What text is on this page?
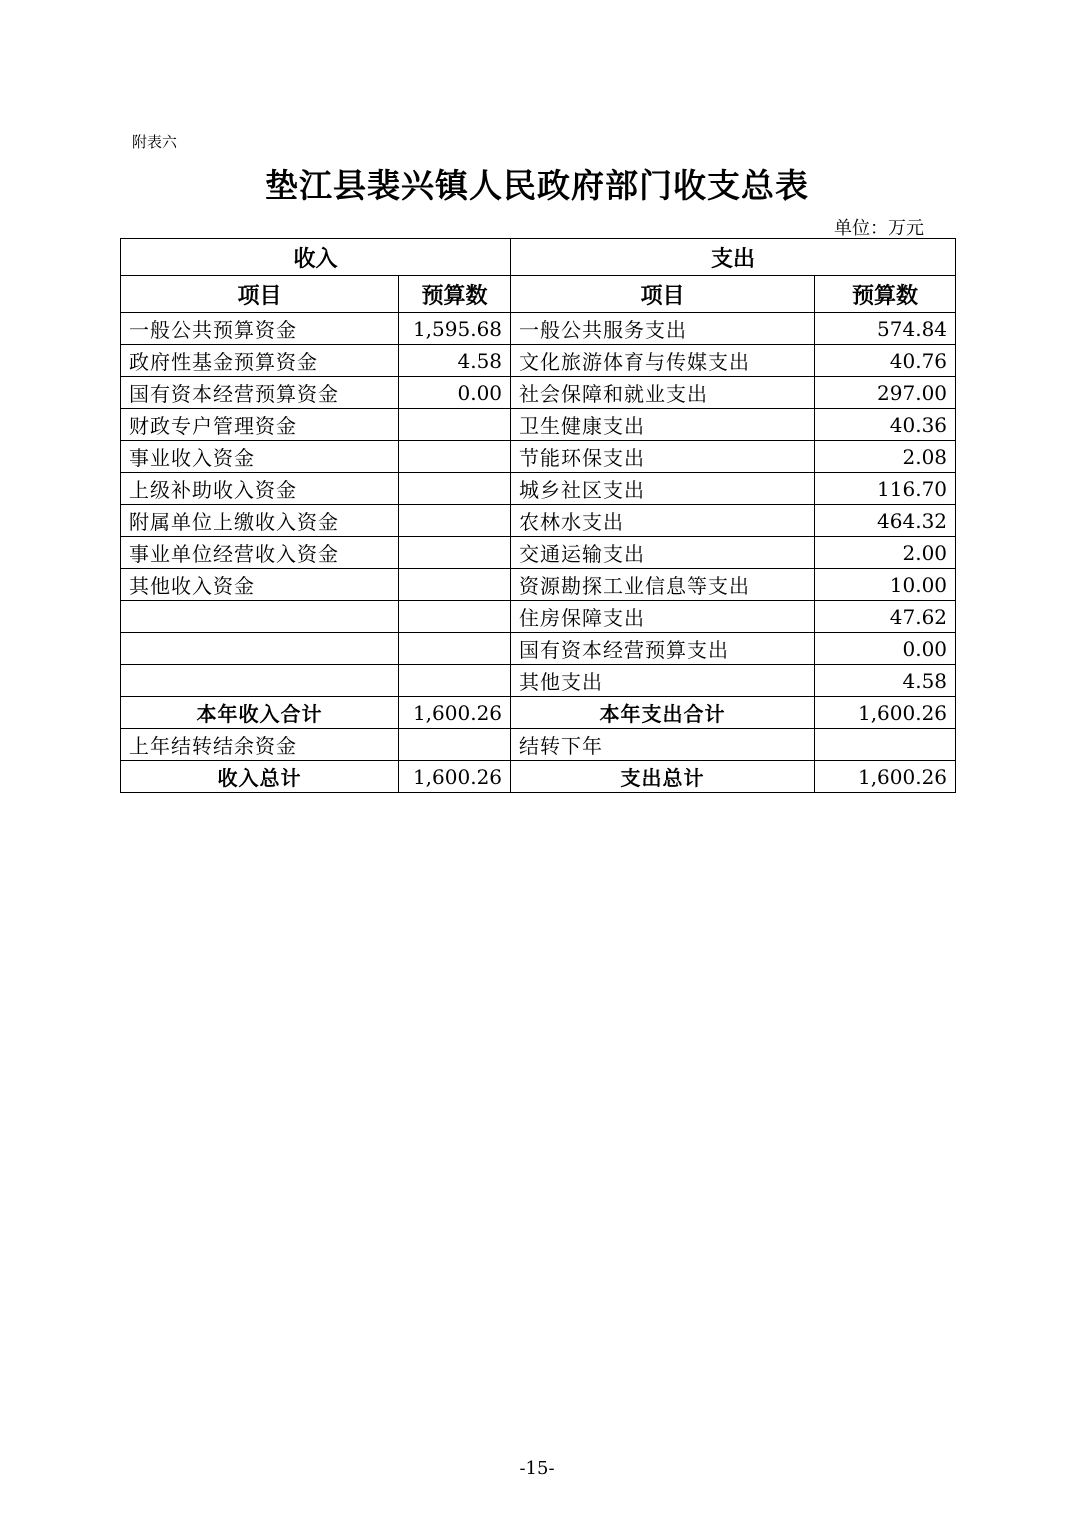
附表六
垫江县裴兴镇人民政府部门收支总表
单位：万元
收入		支出	
项目	预算数	项目	预算数
一般公共预算资金	1,595.68	一般公共服务支出	574.84
政府性基金预算资金	4.58	文化旅游体育与传媒支出	40.76
国有资本经营预算资金	0.00	社会保障和就业支出	297.00
财政专户管理资金		卫生健康支出	40.36
事业收入资金		节能环保支出	2.08
上级补助收入资金		城乡社区支出	116.70
附属单位上缴收入资金		农林水支出	464.32
事业单位经营收入资金		交通运输支出	2.00
其他收入资金		资源勘探工业信息等支出	10.00
		住房保障支出	47.62
		国有资本经营预算支出	0.00
		其他支出	4.58
本年收入合计	1,600.26	本年支出合计	1,600.26
上年结转结余资金		结转下年	
收入总计	1,600.26	支出总计	1,600.26
-15-
